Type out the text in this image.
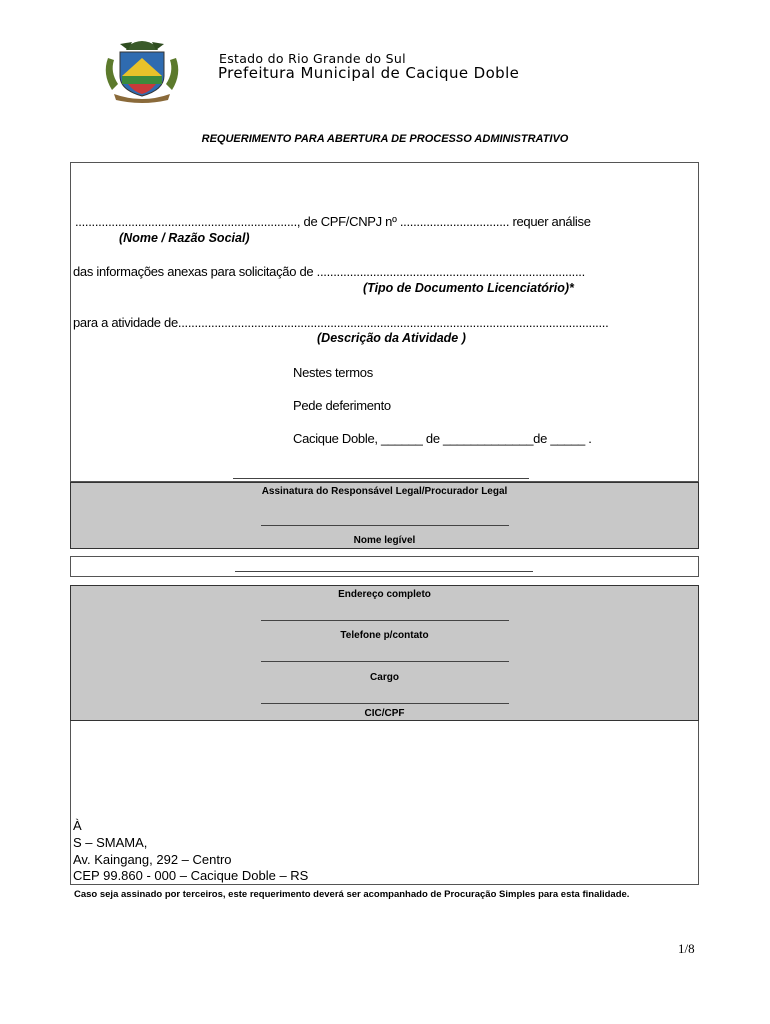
Estado do Rio Grande do Sul
Prefeitura Municipal de Cacique Doble
REQUERIMENTO PARA ABERTURA DE PROCESSO ADMINISTRATIVO
..................................................................., de CPF/CNPJ nº ................................. requer análise
(Nome / Razão Social)
das informações anexas para solicitação de .................................................................................
(Tipo de Documento Licenciatório)*
para a atividade de..................................................................................................................................
(Descrição da Atividade )
Nestes termos
Pede deferimento
Cacique Doble, ______ de _____________de _____ .
Assinatura do Responsável Legal/Procurador Legal
Nome legível
Endereço completo
Telefone p/contato
Cargo
CIC/CPF
À
S – SMAMA,
Av. Kaingang, 292 – Centro
CEP 99.860 - 000 – Cacique Doble – RS
Caso seja assinado por terceiros, este requerimento deverá ser acompanhado de Procuração Simples para esta finalidade.
1/8
